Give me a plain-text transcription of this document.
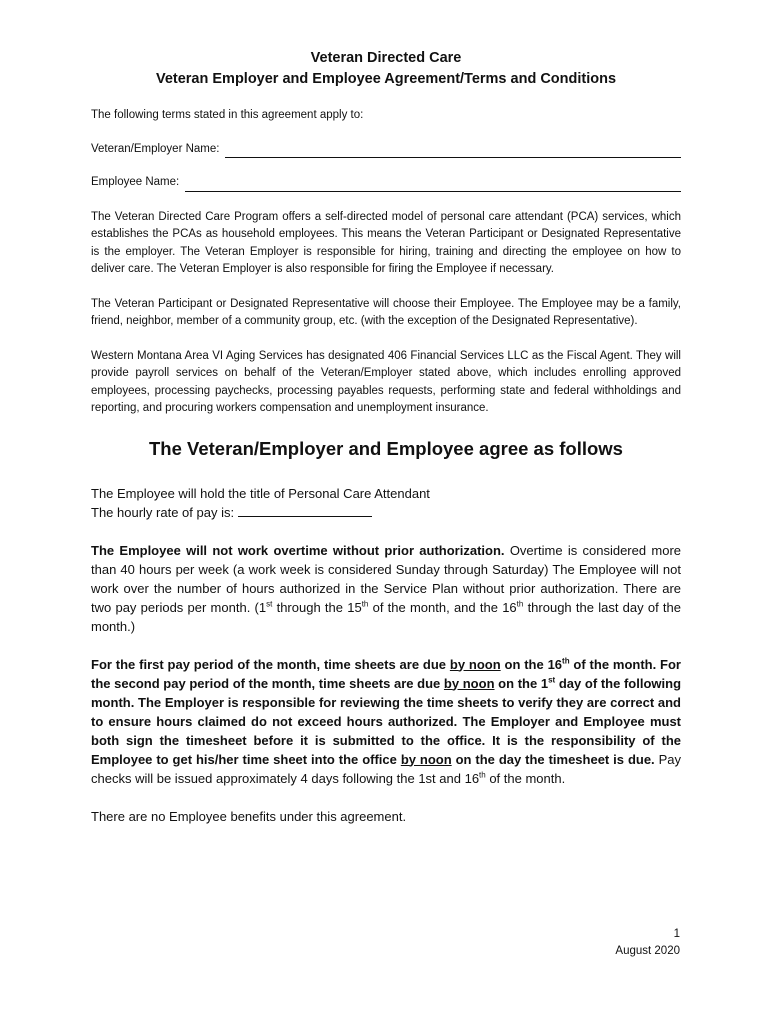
Veteran Directed Care

Veteran Employer and Employee Agreement/Terms and Conditions

The following terms stated in this agreement apply to:

Veteran/Employer Name:
Employee Name:

The Veteran Directed Care Program offers a self-directed model of personal care attendant (PCA) services, which establishes the PCAs as household employees. This means the Veteran Participant or Designated Representative is the employer. The Veteran Employer is responsible for hiring, training and directing the employee on how to deliver care. The Veteran Employer is also responsible for firing the Employee if necessary.

The Veteran Participant or Designated Representative will choose their Employee. The Employee may be a family, friend, neighbor, member of a community group, etc. (with the exception of the Designated Representative).

Western Montana Area VI Aging Services has designated 406 Financial Services LLC as the Fiscal Agent. They will provide payroll services on behalf of the Veteran/Employer stated above, which includes enrolling approved employees, processing paychecks, processing payables requests, performing state and federal withholdings and reporting, and procuring workers compensation and unemployment insurance.

The Veteran/Employer and Employee agree as follows

The Employee will hold the title of Personal Care Attendant

The hourly rate of pay is:

The Employee will not work overtime without prior authorization. Overtime is considered more than 40 hours per week (a work week is considered Sunday through Saturday) The Employee will not work over the number of hours authorized in the Service Plan without prior authorization. There are two pay periods per month. (1st through the 15th of the month, and the 16th through the last day of the month.)

For the first pay period of the month, time sheets are due by noon on the 16th of the month. For the second pay period of the month, time sheets are due by noon on the 1st day of the following month. The Employer is responsible for reviewing the time sheets to verify they are correct and to ensure hours claimed do not exceed hours authorized. The Employer and Employee must both sign the timesheet before it is submitted to the office. It is the responsibility of the Employee to get his/her time sheet into the office by noon on the day the timesheet is due. Pay checks will be issued approximately 4 days following the 1st and 16th of the month.

There are no Employee benefits under this agreement.

1
August 2020
